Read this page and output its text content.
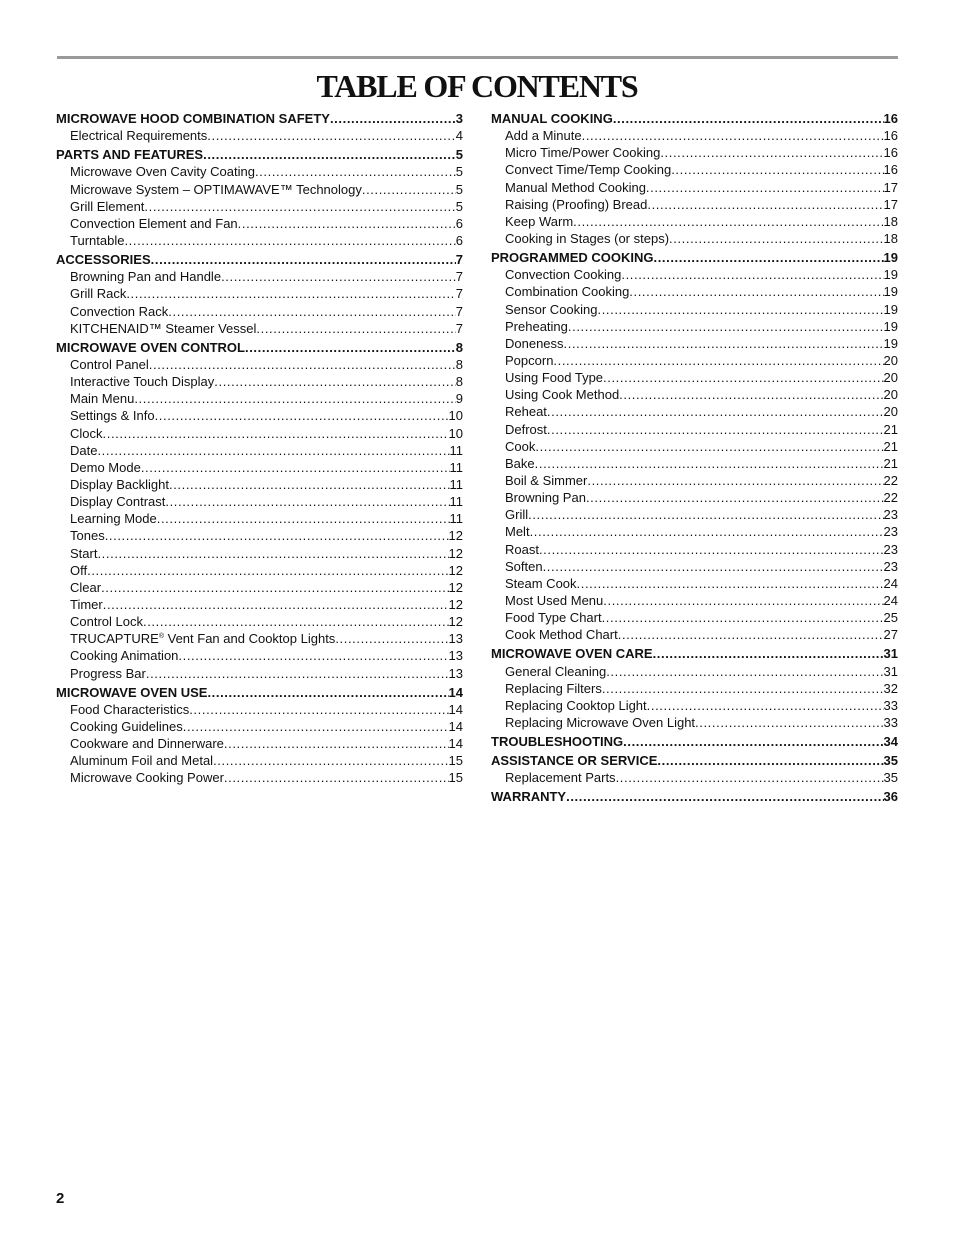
TABLE OF CONTENTS
MICROWAVE HOOD COMBINATION SAFETY .....	3
Electrical Requirements .....	4
PARTS AND FEATURES .....	5
Microwave Oven Cavity Coating .....	5
Microwave System – OPTIMAWAVE™ Technology .....	5
Grill Element .....	5
Convection Element and Fan .....	6
Turntable .....	6
ACCESSORIES .....	7
Browning Pan and Handle .....	7
Grill Rack .....	7
Convection Rack .....	7
KITCHENAID™ Steamer Vessel .....	7
MICROWAVE OVEN CONTROL .....	8
Control Panel .....	8
Interactive Touch Display .....	8
Main Menu .....	9
Settings & Info .....	10
Clock .....	10
Date .....	11
Demo Mode .....	11
Display Backlight .....	11
Display Contrast .....	11
Learning Mode .....	11
Tones .....	12
Start .....	12
Off .....	12
Clear .....	12
Timer .....	12
Control Lock .....	12
TRUCAPTURE® Vent Fan and Cooktop Lights .....	13
Cooking Animation .....	13
Progress Bar .....	13
MICROWAVE OVEN USE .....	14
Food Characteristics .....	14
Cooking Guidelines .....	14
Cookware and Dinnerware .....	14
Aluminum Foil and Metal .....	15
Microwave Cooking Power .....	15
MANUAL COOKING .....	16
Add a Minute .....	16
Micro Time/Power Cooking .....	16
Convect Time/Temp Cooking .....	16
Manual Method Cooking .....	17
Raising (Proofing) Bread .....	17
Keep Warm .....	18
Cooking in Stages (or steps) .....	18
PROGRAMMED COOKING .....	19
Convection Cooking .....	19
Combination Cooking .....	19
Sensor Cooking .....	19
Preheating .....	19
Doneness .....	19
Popcorn .....	20
Using Food Type .....	20
Using Cook Method .....	20
Reheat .....	20
Defrost .....	21
Cook .....	21
Bake .....	21
Boil & Simmer .....	22
Browning Pan .....	22
Grill .....	23
Melt .....	23
Roast .....	23
Soften .....	23
Steam Cook .....	24
Most Used Menu .....	24
Food Type Chart .....	25
Cook Method Chart .....	27
MICROWAVE OVEN CARE .....	31
General Cleaning .....	31
Replacing Filters .....	32
Replacing Cooktop Light .....	33
Replacing Microwave Oven Light .....	33
TROUBLESHOOTING .....	34
ASSISTANCE OR SERVICE .....	35
Replacement Parts .....	35
WARRANTY .....	36
2
